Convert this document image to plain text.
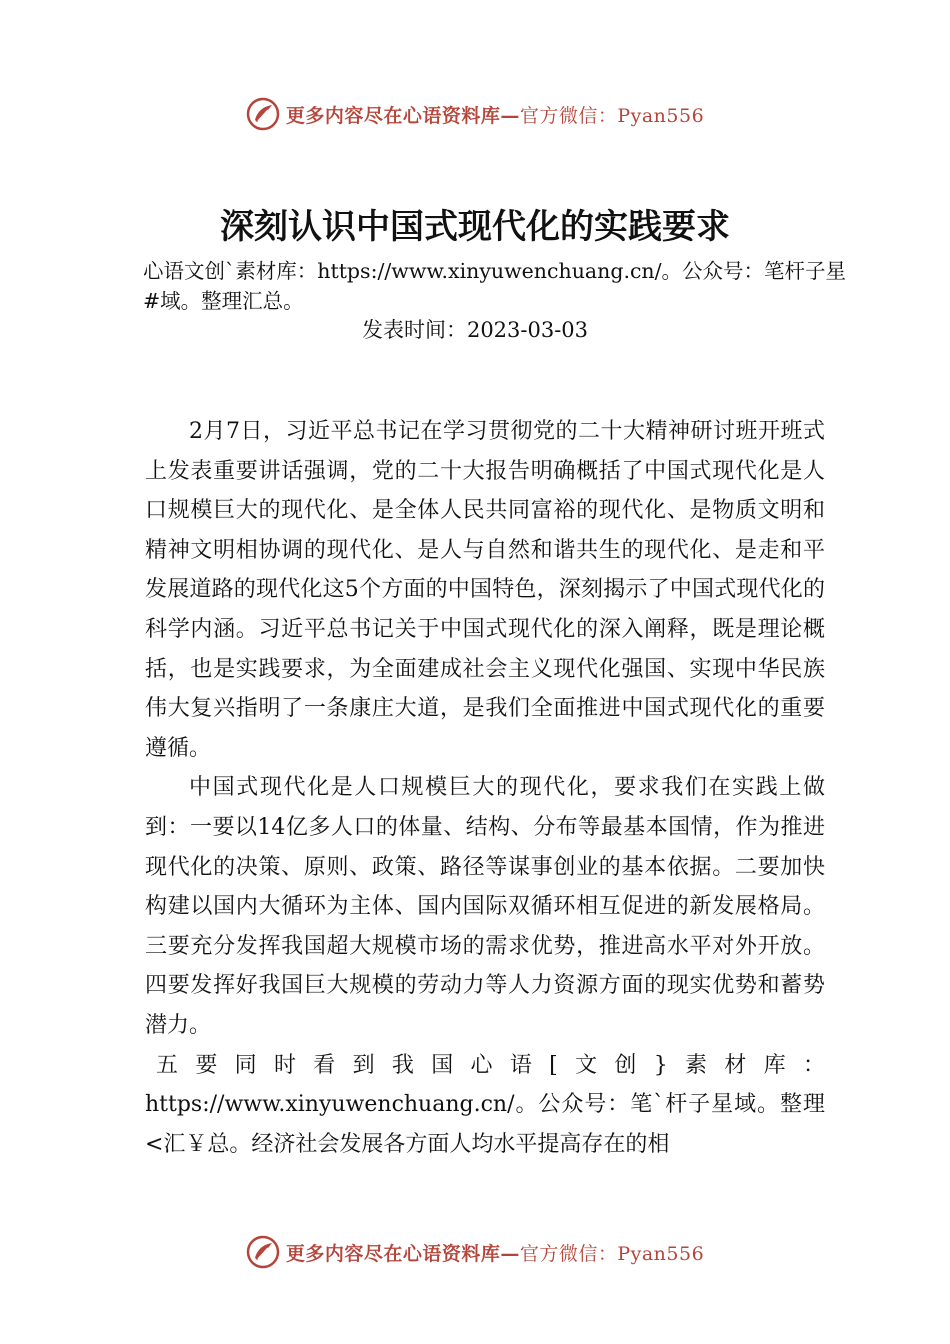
更多内容尽在心语资料库—官方微信：Pyan556
深刻认识中国式现代化的实践要求

心语文创`素材库：https://www.xinyuwenchuang.cn/。公众号：笔杆子星#域。整理汇总。

发表时间：2023-03-03

2月7日，习近平总书记在学习贯彻党的二十大精神研讨班开班式上发表重要讲话强调，党的二十大报告明确概括了中国式现代化是人口规模巨大的现代化、是全体人民共同富裕的现代化、是物质文明和精神文明相协调的现代化、是人与自然和谐共生的现代化、是走和平发展道路的现代化这5个方面的中国特色，深刻揭示了中国式现代化的科学内涵。习近平总书记关于中国式现代化的深入阐释，既是理论概括，也是实践要求，为全面建成社会主义现代化强国、实现中华民族伟大复兴指明了一条康庄大道，是我们全面推进中国式现代化的重要遵循。

中国式现代化是人口规模巨大的现代化，要求我们在实践上做到：一要以14亿多人口的体量、结构、分布等最基本国情，作为推进现代化的决策、原则、政策、路径等谋事创业的基本依据。二要加快构建以国内大循环为主体、国内国际双循环相互促进的新发展格局。三要充分发挥我国超大规模市场的需求优势，推进高水平对外开放。四要发挥好我国巨大规模的劳动力等人力资源方面的现实优势和蓄势潜力。

五要同时看到我国心语[文创}素材库：https://www.xinyuwenchuang.cn/。公众号：笔`杆子星域。整理<汇￥总。经济社会发展各方面人均水平提高存在的相

更多内容尽在心语资料库—官方微信：Pyan556
